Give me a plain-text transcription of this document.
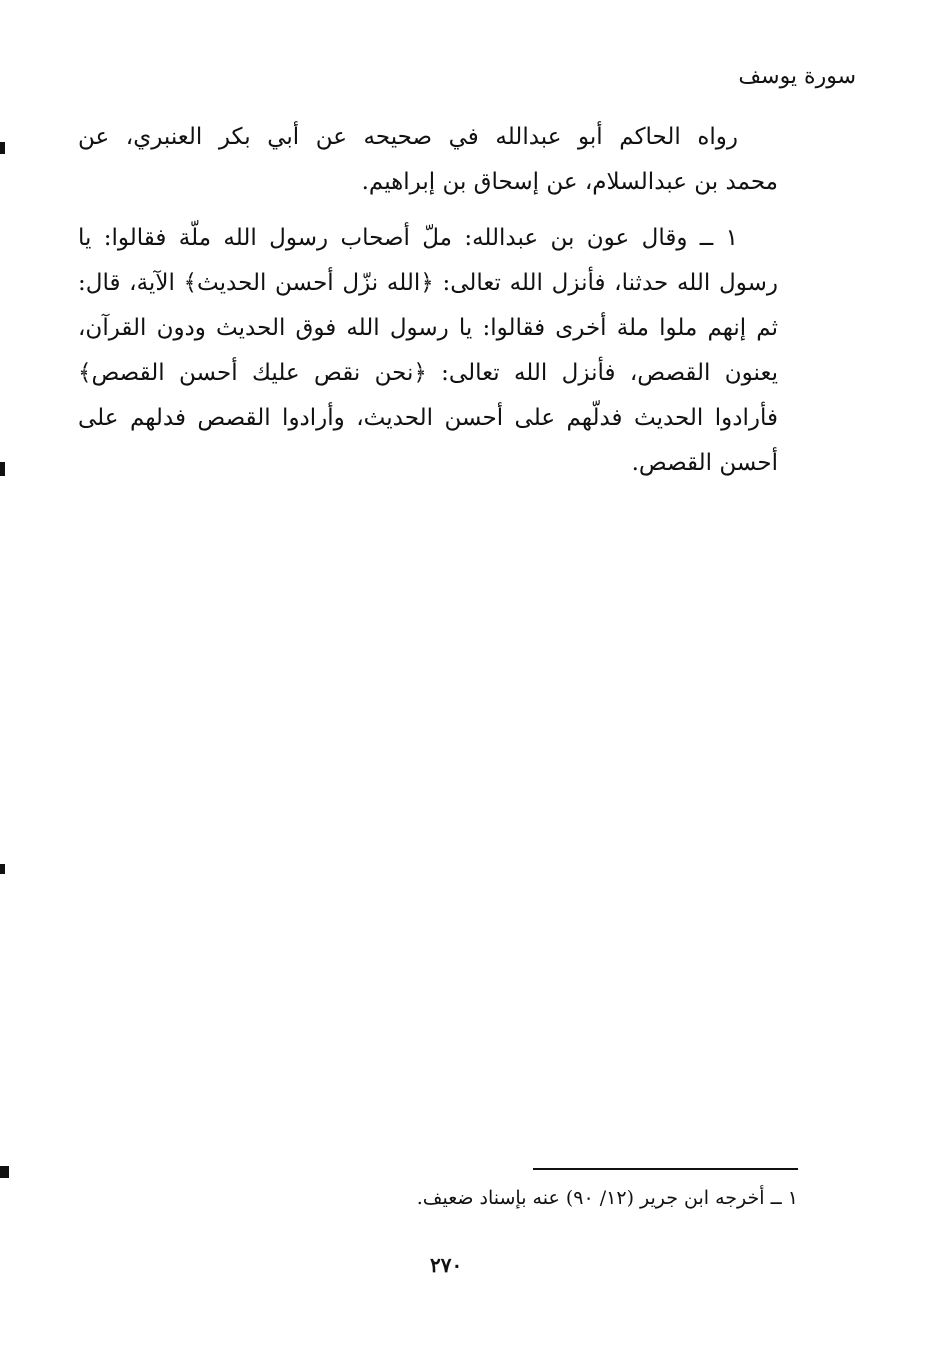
سورة يوسف
رواه الحاكم أبو عبدالله في صحيحه عن أبي بكر العنبري، عن
محمد بن عبدالسلام، عن إسحاق بن إبراهيم.
١ ــ وقال عون بن عبدالله: ملّ أصحاب رسول الله ملّة فقالوا: يا
رسول الله حدثنا، فأنزل الله تعالى: ﴿الله نزّل أحسن الحديث﴾ الآية، قال:
ثم إنهم ملوا ملة أخرى فقالوا: يا رسول الله فوق الحديث ودون القرآن،
يعنون القصص، فأنزل الله تعالى: ﴿نحن نقص عليك أحسن القصص﴾
فأرادوا الحديث فدلّهم على أحسن الحديث، وأرادوا القصص فدلهم على
أحسن القصص.
١ ــ أخرجه ابن جرير (١٢/ ٩٠) عنه بإسناد ضعيف.
٢٧٠
